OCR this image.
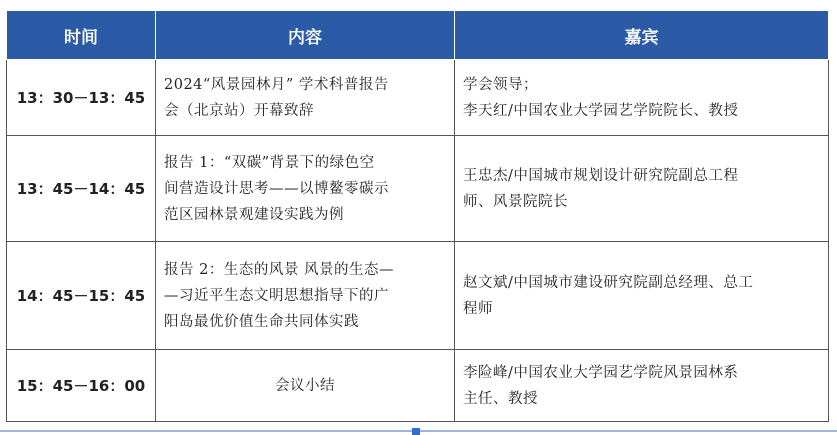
时间	内容	嘉宾
13：30－13：45	2024“风景园林月” 学术科普报告
会（北京站）开幕致辞	学会领导；
李天红/中国农业大学园艺学院院长、教授

13：45－14：45	报告 1：“双碳”背景下的绿色空
间营造设计思考——以博鳌零碳示
范区园林景观建设实践为例	王忠杰/中国城市规划设计研究院副总工程
师、风景院院长

14：45－15：45	报告 2：生态的风景 风景的生态—
—习近平生态文明思想指导下的广
阳岛最优价值生命共同体实践	赵文斌/中国城市建设研究院副总经理、总工
程师

15：45－16：00	会议小结	李险峰/中国农业大学园艺学院风景园林系
主任、教授
